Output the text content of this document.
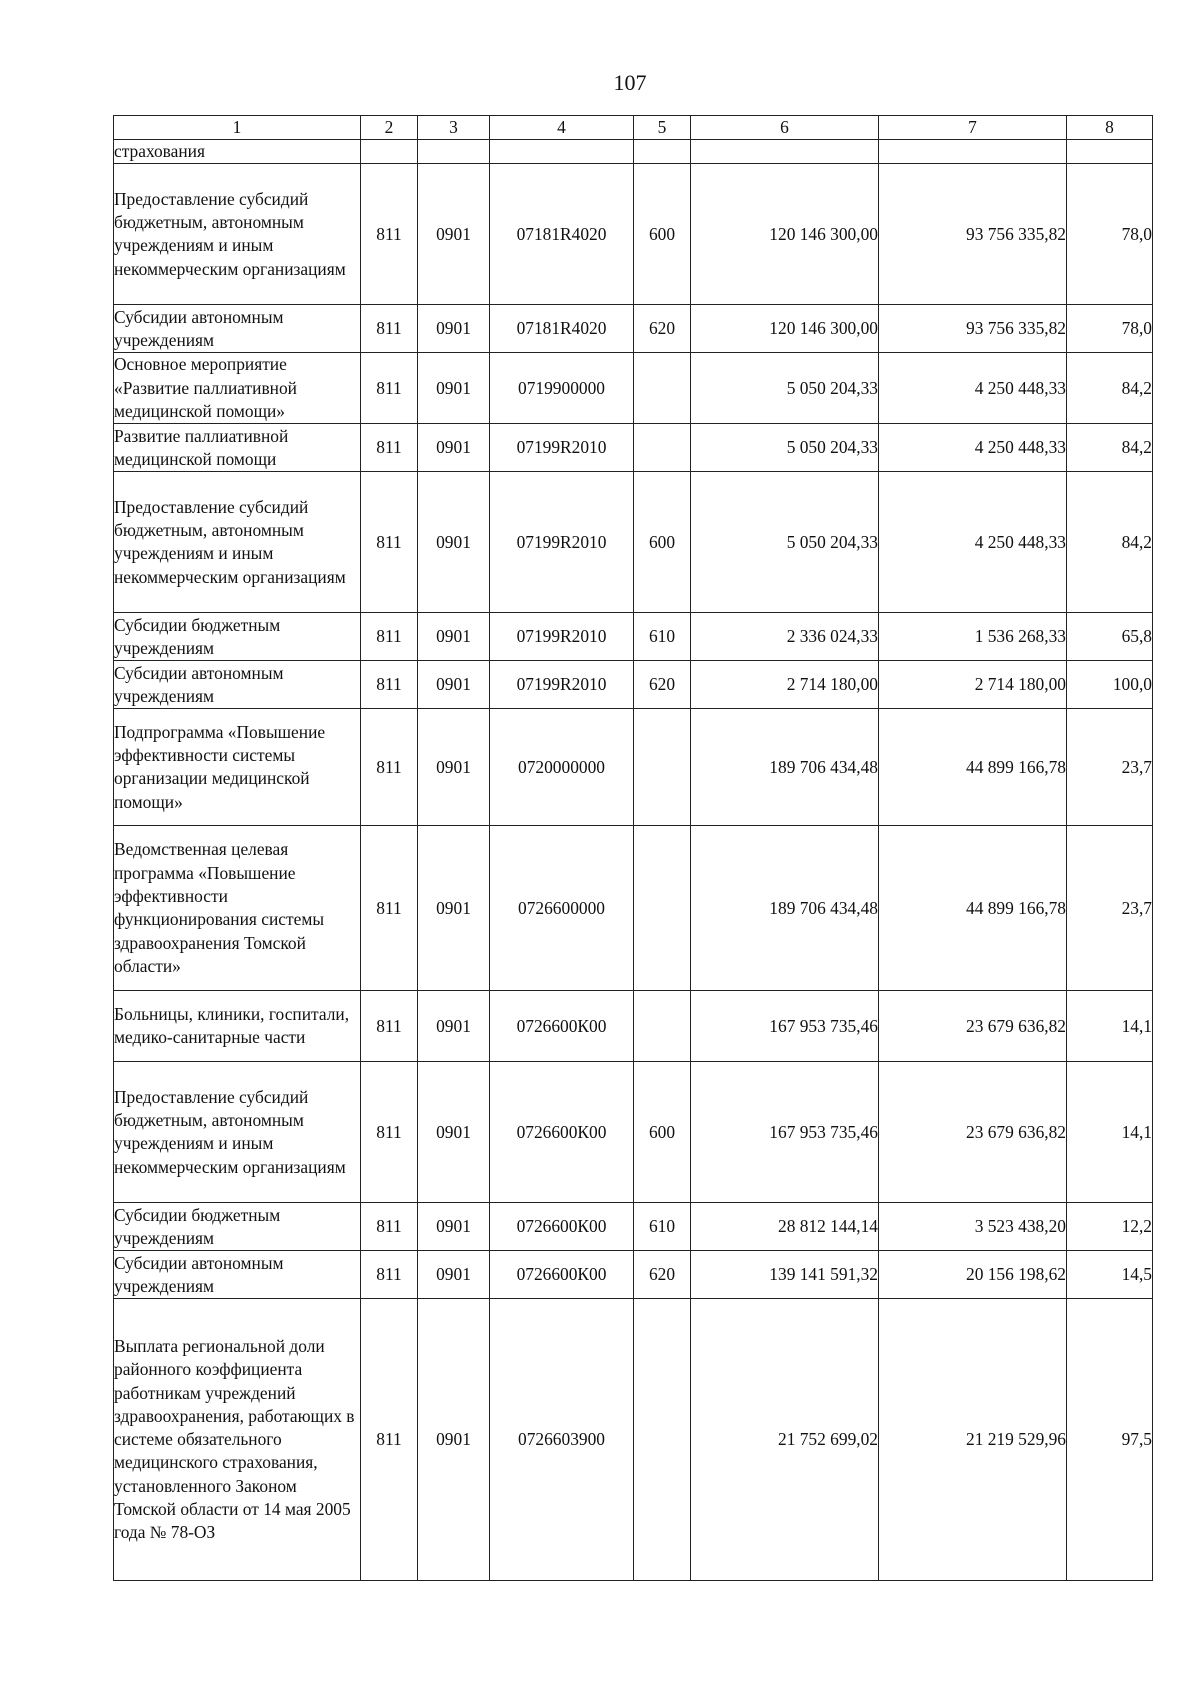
107
1	2	3	4	5	6	7	8
страхования							
Предоставление субсидий бюджетным, автономным учреждениям и иным некоммерческим организациям	811	0901	07181R4020	600	120 146 300,00	93 756 335,82	78,0
Субсидии автономным учреждениям	811	0901	07181R4020	620	120 146 300,00	93 756 335,82	78,0
Основное мероприятие «Развитие паллиативной медицинской помощи»	811	0901	0719900000		5 050 204,33	4 250 448,33	84,2
Развитие паллиативной медицинской помощи	811	0901	07199R2010		5 050 204,33	4 250 448,33	84,2
Предоставление субсидий бюджетным, автономным учреждениям и иным некоммерческим организациям	811	0901	07199R2010	600	5 050 204,33	4 250 448,33	84,2
Субсидии бюджетным учреждениям	811	0901	07199R2010	610	2 336 024,33	1 536 268,33	65,8
Субсидии автономным учреждениям	811	0901	07199R2010	620	2 714 180,00	2 714 180,00	100,0
Подпрограмма «Повышение эффективности системы организации медицинской помощи»	811	0901	0720000000		189 706 434,48	44 899 166,78	23,7
Ведомственная целевая программа «Повышение эффективности функционирования системы здравоохранения Томской области»	811	0901	0726600000		189 706 434,48	44 899 166,78	23,7
Больницы, клиники, госпитали, медико-санитарные части	811	0901	0726600К00		167 953 735,46	23 679 636,82	14,1
Предоставление субсидий бюджетным, автономным учреждениям и иным некоммерческим организациям	811	0901	0726600К00	600	167 953 735,46	23 679 636,82	14,1
Субсидии бюджетным учреждениям	811	0901	0726600К00	610	28 812 144,14	3 523 438,20	12,2
Субсидии автономным учреждениям	811	0901	0726600К00	620	139 141 591,32	20 156 198,62	14,5
Выплата региональной доли районного коэффициента работникам учреждений здравоохранения, работающих в системе обязательного медицинского страхования, установленного Законом Томской области от 14 мая 2005 года № 78-ОЗ	811	0901	0726603900		21 752 699,02	21 219 529,96	97,5
